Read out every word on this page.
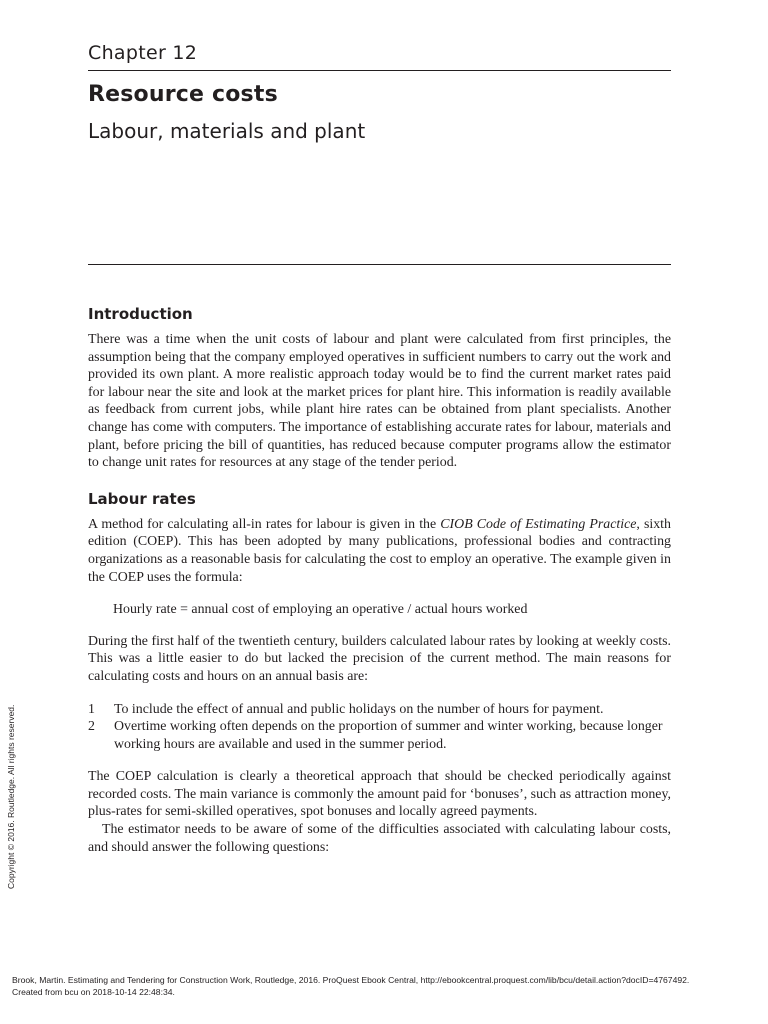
Chapter 12
Resource costs
Labour, materials and plant
Introduction

There was a time when the unit costs of labour and plant were calculated from first principles, the assumption being that the company employed operatives in sufficient numbers to carry out the work and provided its own plant. A more realistic approach today would be to find the current market rates paid for labour near the site and look at the market prices for plant hire. This information is readily available as feedback from current jobs, while plant hire rates can be obtained from plant specialists. Another change has come with computers. The importance of establishing accurate rates for labour, materials and plant, before pricing the bill of quantities, has reduced because computer programs allow the estimator to change unit rates for resources at any stage of the tender period.

Labour rates

A method for calculating all-in rates for labour is given in the CIOB Code of Estimating Practice, sixth edition (COEP). This has been adopted by many publications, professional bodies and contracting organizations as a reasonable basis for calculating the cost to employ an operative. The example given in the COEP uses the formula:

Hourly rate = annual cost of employing an operative / actual hours worked

During the first half of the twentieth century, builders calculated labour rates by looking at weekly costs. This was a little easier to do but lacked the precision of the current method. The main reasons for calculating costs and hours on an annual basis are:

1	To include the effect of annual and public holidays on the number of hours for payment.
2	Overtime working often depends on the proportion of summer and winter working, because longer working hours are available and used in the summer period.

The COEP calculation is clearly a theoretical approach that should be checked periodically against recorded costs. The main variance is commonly the amount paid for ‘bonuses’, such as attraction money, plus-rates for semi-skilled operatives, spot bonuses and locally agreed payments.

The estimator needs to be aware of some of the difficulties associated with calculating labour costs, and should answer the following questions:

Copyright © 2016. Routledge. All rights reserved.
Brook, Martin. Estimating and Tendering for Construction Work, Routledge, 2016. ProQuest Ebook Central, http://ebookcentral.proquest.com/lib/bcu/detail.action?docID=4767492.
Created from bcu on 2018-10-14 22:48:34.
